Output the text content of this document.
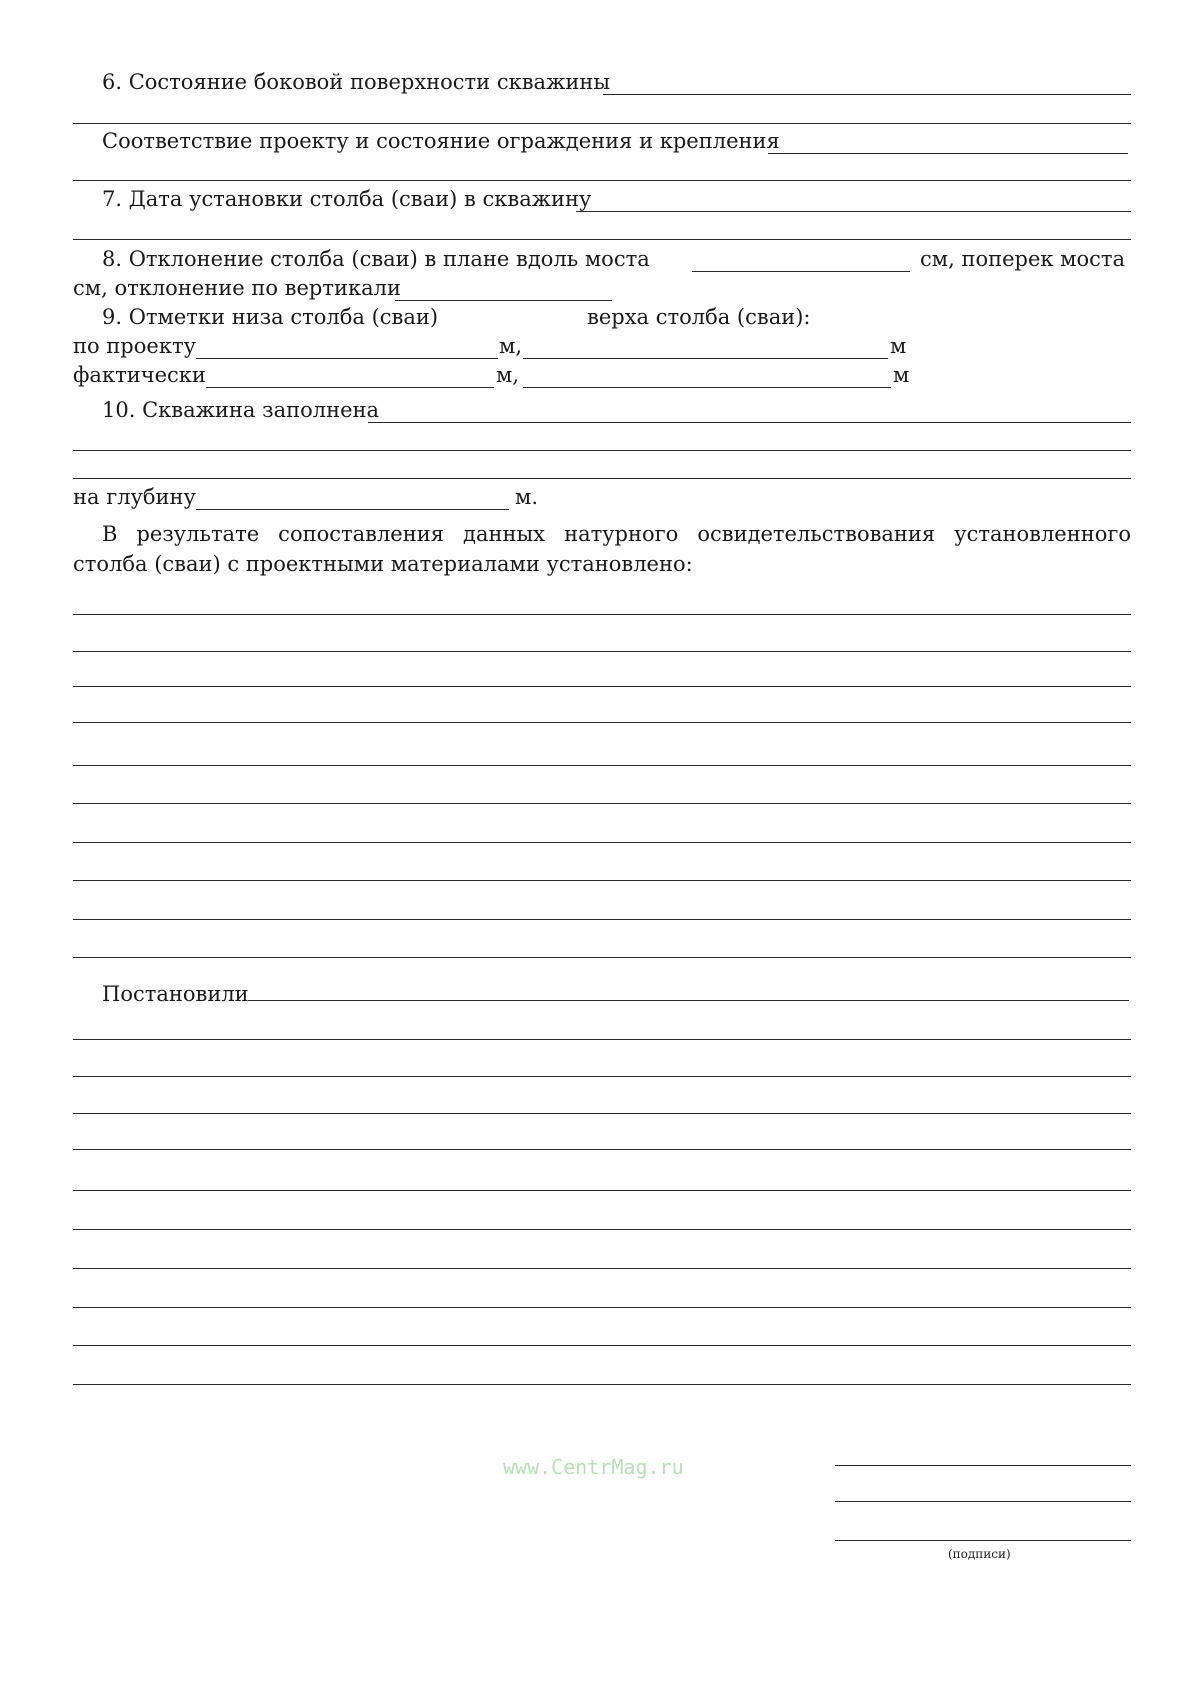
6. Состояние боковой поверхности скважины
Соответствие проекту и состояние ограждения и крепления
7. Дата установки столба (сваи) в скважину
8. Отклонение столба (сваи) в плане вдоль моста	см, поперек моста
см, отклонение по вертикали
9. Отметки низа столба (сваи)	верха столба (сваи):
по проекту	м,	м
фактически	м,	м
10. Скважина заполнена
на глубину	м.
В результате сопоставления данных натурного освидетельствования установленного столба (сваи) с проектными материалами установлено:
Постановили
www.CentrMag.ru
(подписи)
